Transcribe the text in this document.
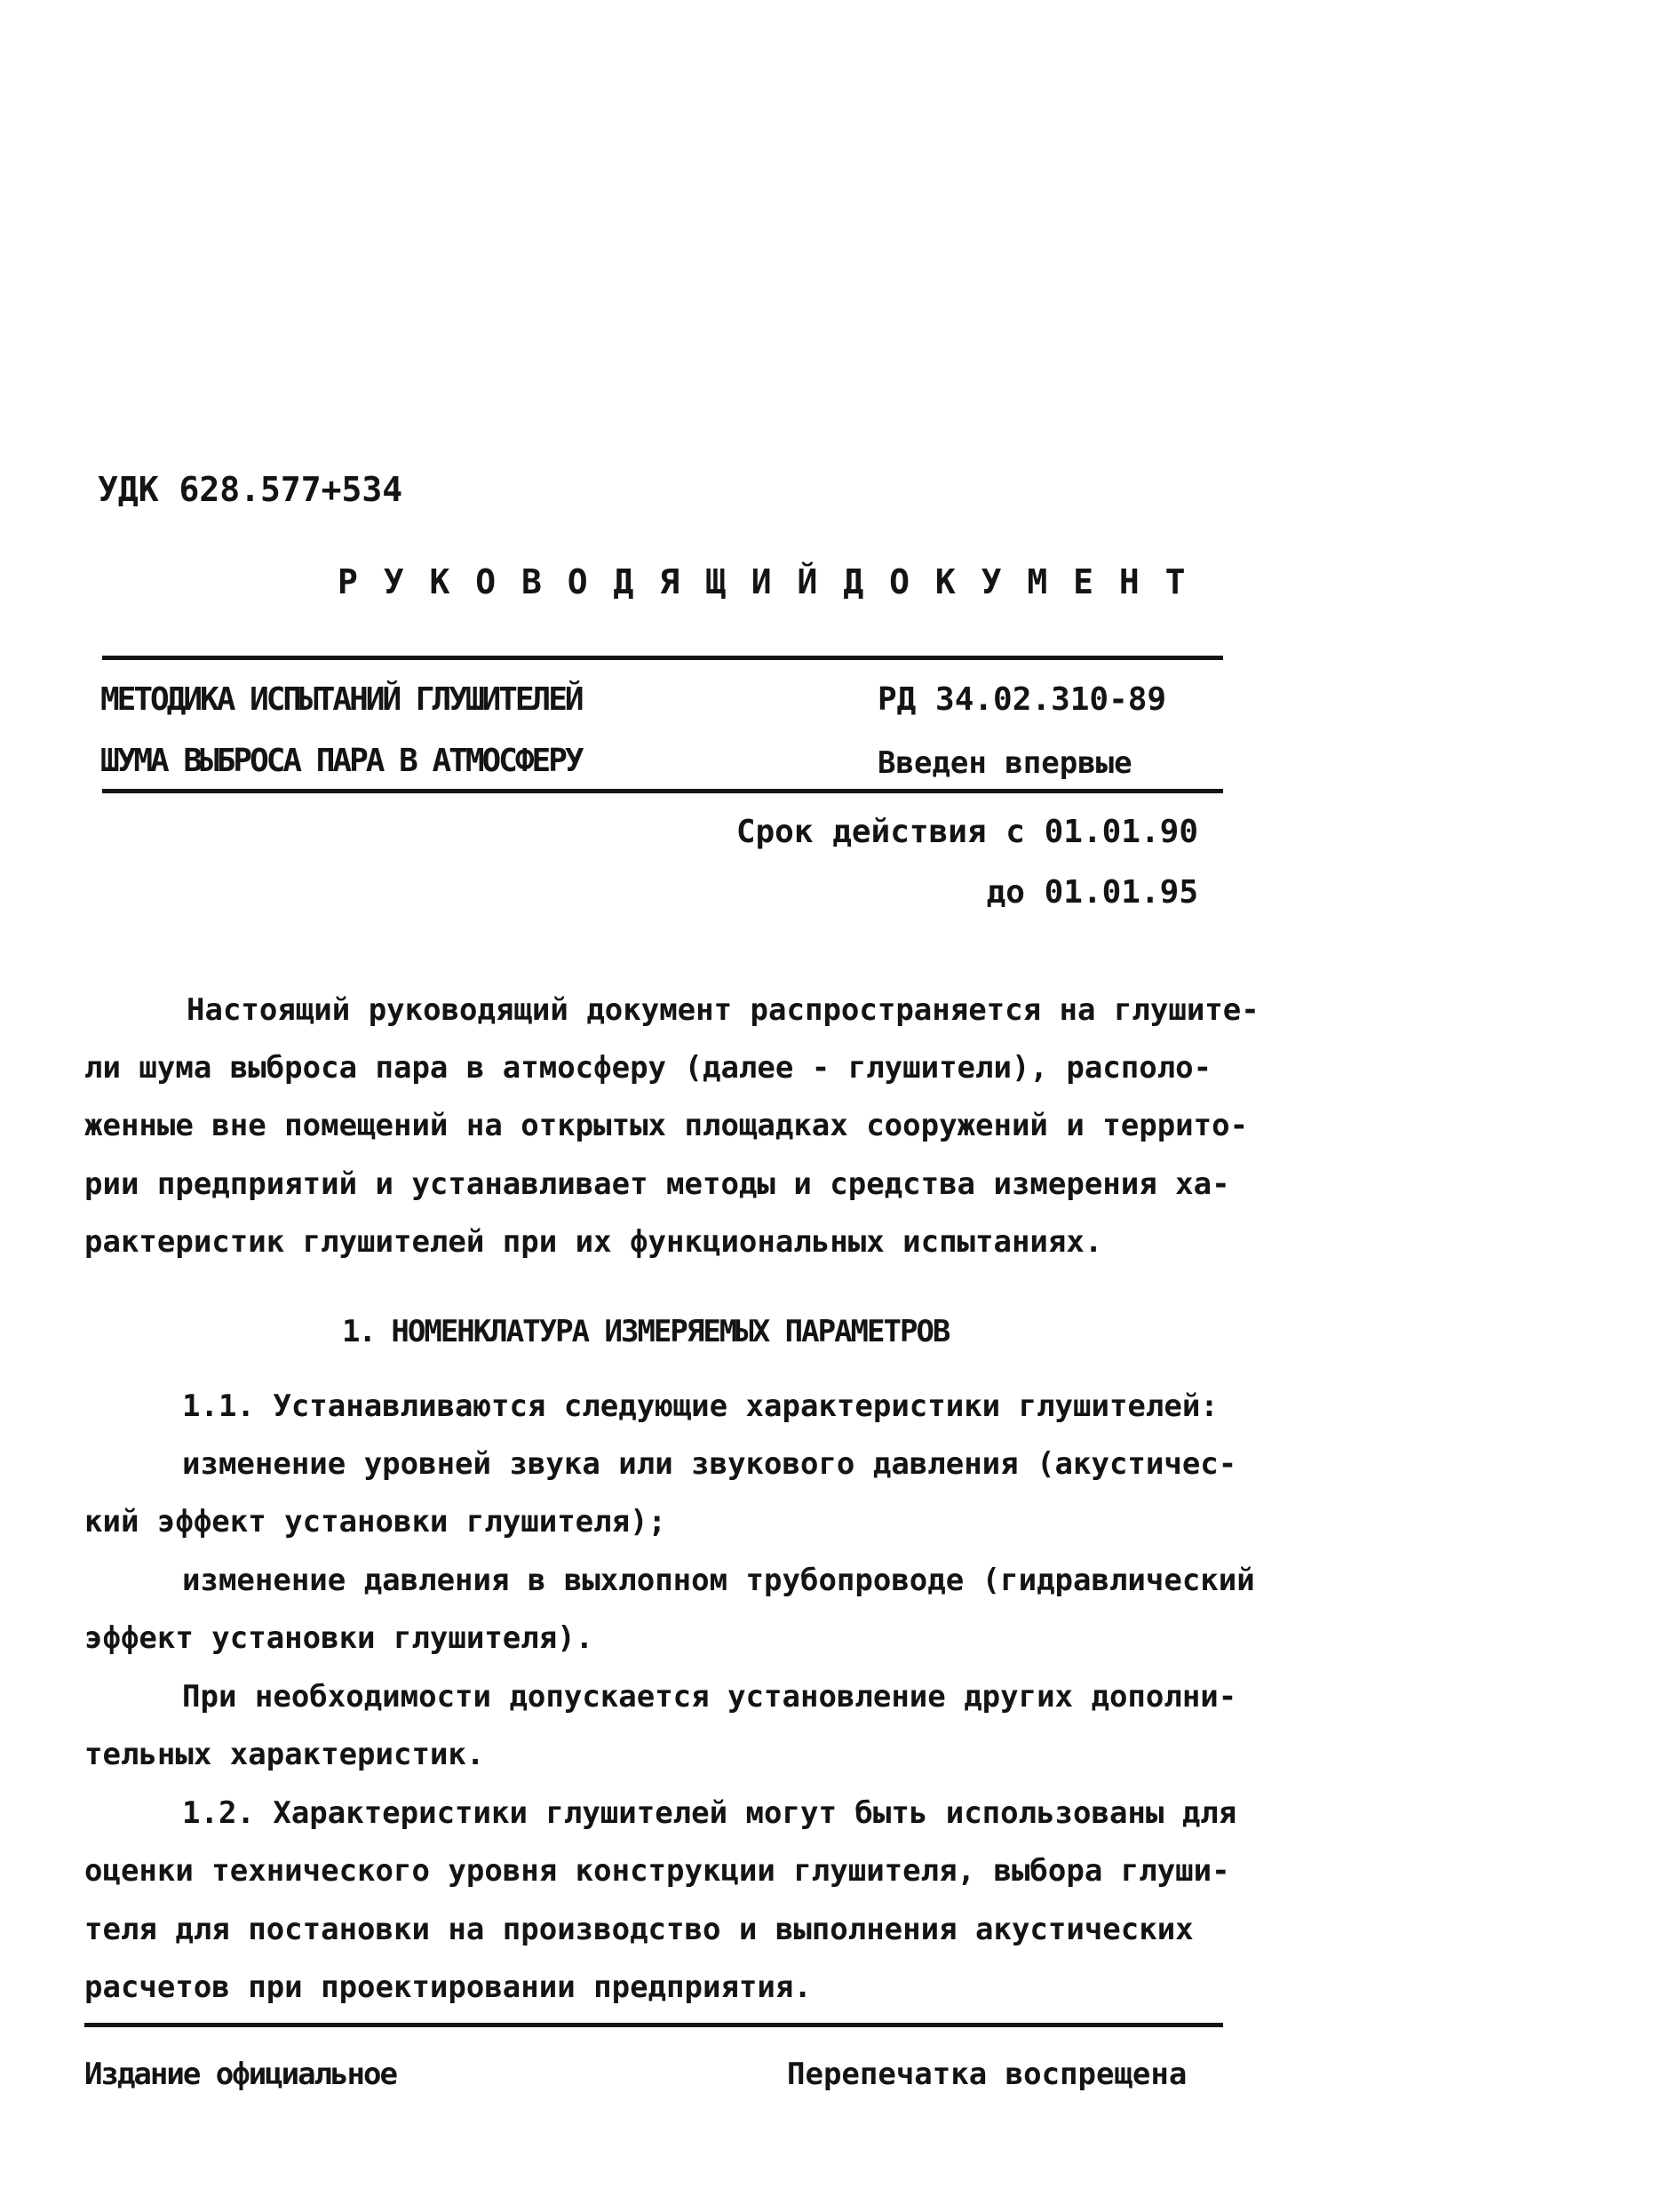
УДК 628.577+534
Р У К О В О Д Я Щ И Й Д О К У М Е Н Т
МЕТОДИКА ИСПЫТАНИЙ ГЛУШИТЕЛЕЙ
ШУМА ВЫБРОСА ПАРА В АТМОСФЕРУ
РД 34.02.310-89
Введен впервые
Срок действия с 01.01.90
до 01.01.95
Настоящий руководящий документ распространяется на глушите-
ли шума выброса пара в атмосферу (далее - глушители), располо-
женные вне помещений на открытых площадках сооружений и террито-
рии предприятий и устанавливает методы и средства измерения ха-
рактеристик глушителей при их функциональных испытаниях.
1. НОМЕНКЛАТУРА ИЗМЕРЯЕМЫХ ПАРАМЕТРОВ
1.1. Устанавливаются следующие характеристики глушителей:
изменение уровней звука или звукового давления (акустичес-
кий эффект установки глушителя);
изменение давления в выхлопном трубопроводе (гидравлический
эффект установки глушителя).
При необходимости допускается установление других дополни-
тельных характеристик.
1.2. Характеристики глушителей могут быть использованы для
оценки технического уровня конструкции глушителя, выбора глуши-
теля для постановки на производство и выполнения акустических
расчетов при проектировании предприятия.
Издание официальное	Перепечатка воспрещена
